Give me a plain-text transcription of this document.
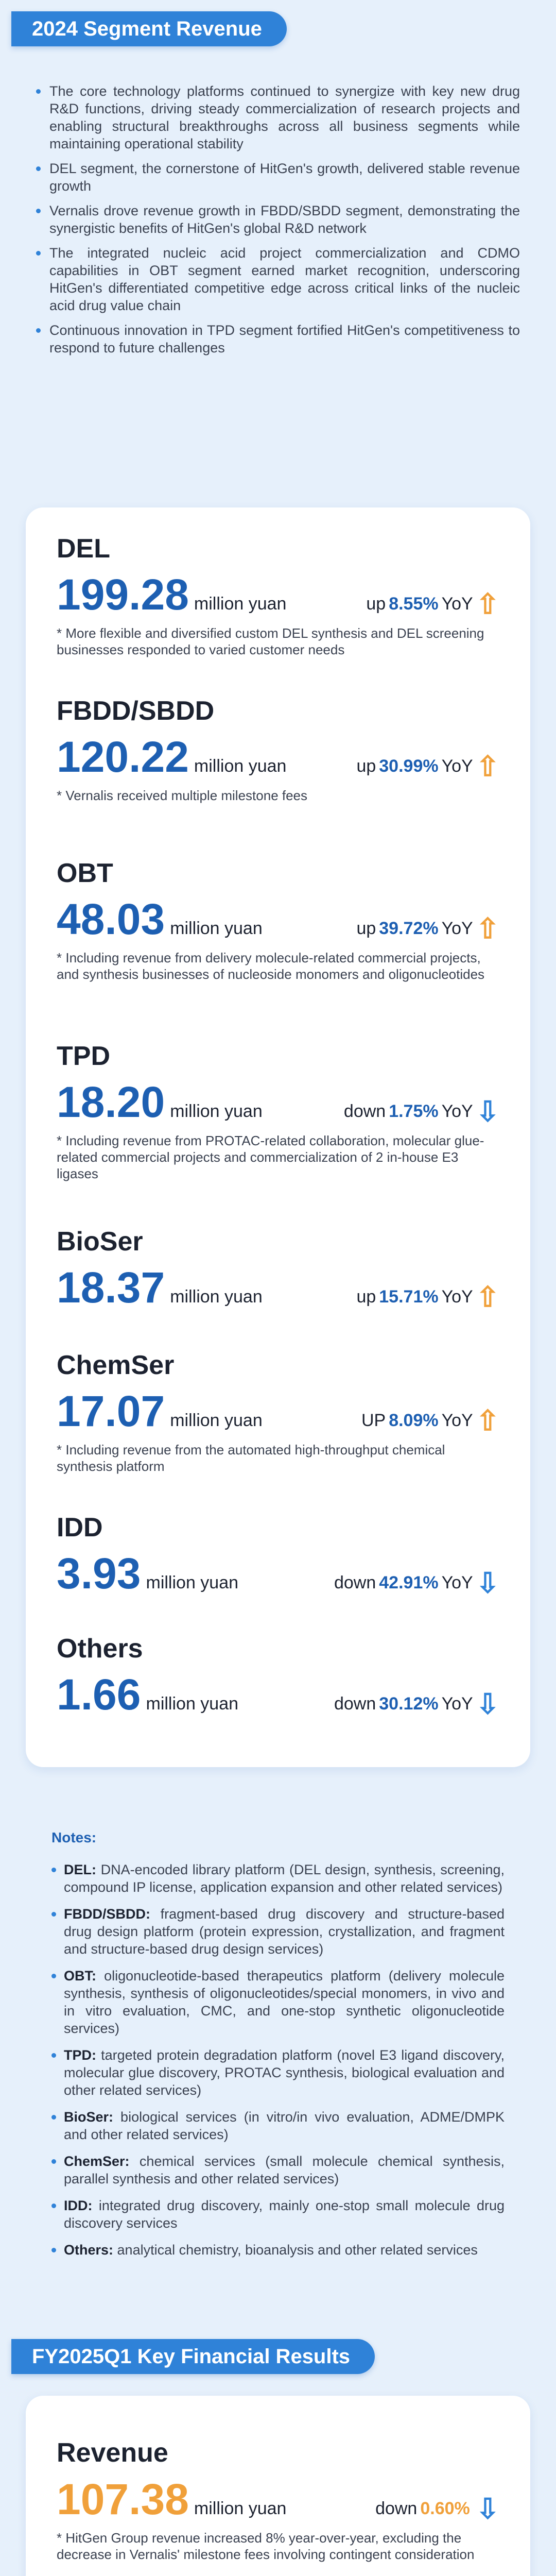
2024 Segment Revenue
The core technology platforms continued to synergize with key new drug R&D functions, driving steady commercialization of research projects and enabling structural breakthroughs across all business segments while maintaining operational stability
DEL segment, the cornerstone of HitGen's growth, delivered stable revenue growth
Vernalis drove revenue growth in FBDD/SBDD segment, demonstrating the synergistic benefits of HitGen's global R&D network
The integrated nucleic acid project commercialization and CDMO capabilities in OBT segment earned market recognition, underscoring HitGen's differentiated competitive edge across critical links of the nucleic acid drug value chain
Continuous innovation in TPD segment fortified HitGen's competitiveness to respond to future challenges
DEL
199.28 million yuan	up 8.55% YoY ⇧
* More flexible and diversified custom DEL synthesis and DEL screening businesses responded to varied customer needs
FBDD/SBDD
120.22 million yuan	up 30.99% YoY ⇧
* Vernalis received multiple milestone fees
OBT
48.03 million yuan	up 39.72% YoY ⇧
* Including revenue from delivery molecule-related commercial projects, and synthesis businesses of nucleoside monomers and oligonucleotides
TPD
18.20 million yuan	down 1.75% YoY ⇩
* Including revenue from PROTAC-related collaboration, molecular glue-related commercial projects and commercialization of 2 in-house E3 ligases
BioSer
18.37 million yuan	up 15.71% YoY ⇧
ChemSer
17.07 million yuan	UP 8.09% YoY ⇧
* Including revenue from the automated high-throughput chemical synthesis platform
IDD
3.93 million yuan	down 42.91% YoY ⇩
Others
1.66 million yuan	down 30.12% YoY ⇩
Notes:
DEL: DNA-encoded library platform (DEL design, synthesis, screening, compound IP license, application expansion and other related services)
FBDD/SBDD: fragment-based drug discovery and structure-based drug design platform (protein expression, crystallization, and fragment and structure-based drug design services)
OBT: oligonucleotide-based therapeutics platform (delivery molecule synthesis, synthesis of oligonucleotides/special monomers, in vivo and in vitro evaluation, CMC, and one-stop synthetic oligonucleotide services)
TPD: targeted protein degradation platform (novel E3 ligand discovery, molecular glue discovery, PROTAC synthesis, biological evaluation and other related services)
BioSer: biological services (in vitro/in vivo evaluation, ADME/DMPK and other related services)
ChemSer: chemical services (small molecule chemical synthesis, parallel synthesis and other related services)
IDD: integrated drug discovery, mainly one-stop small molecule drug discovery services
Others: analytical chemistry, bioanalysis and other related services
FY2025Q1 Key Financial Results
Revenue
107.38 million yuan	down 0.60% ⇩
* HitGen Group revenue increased 8% year-over-year, excluding the decrease in Vernalis' milestone fees involving contingent consideration
